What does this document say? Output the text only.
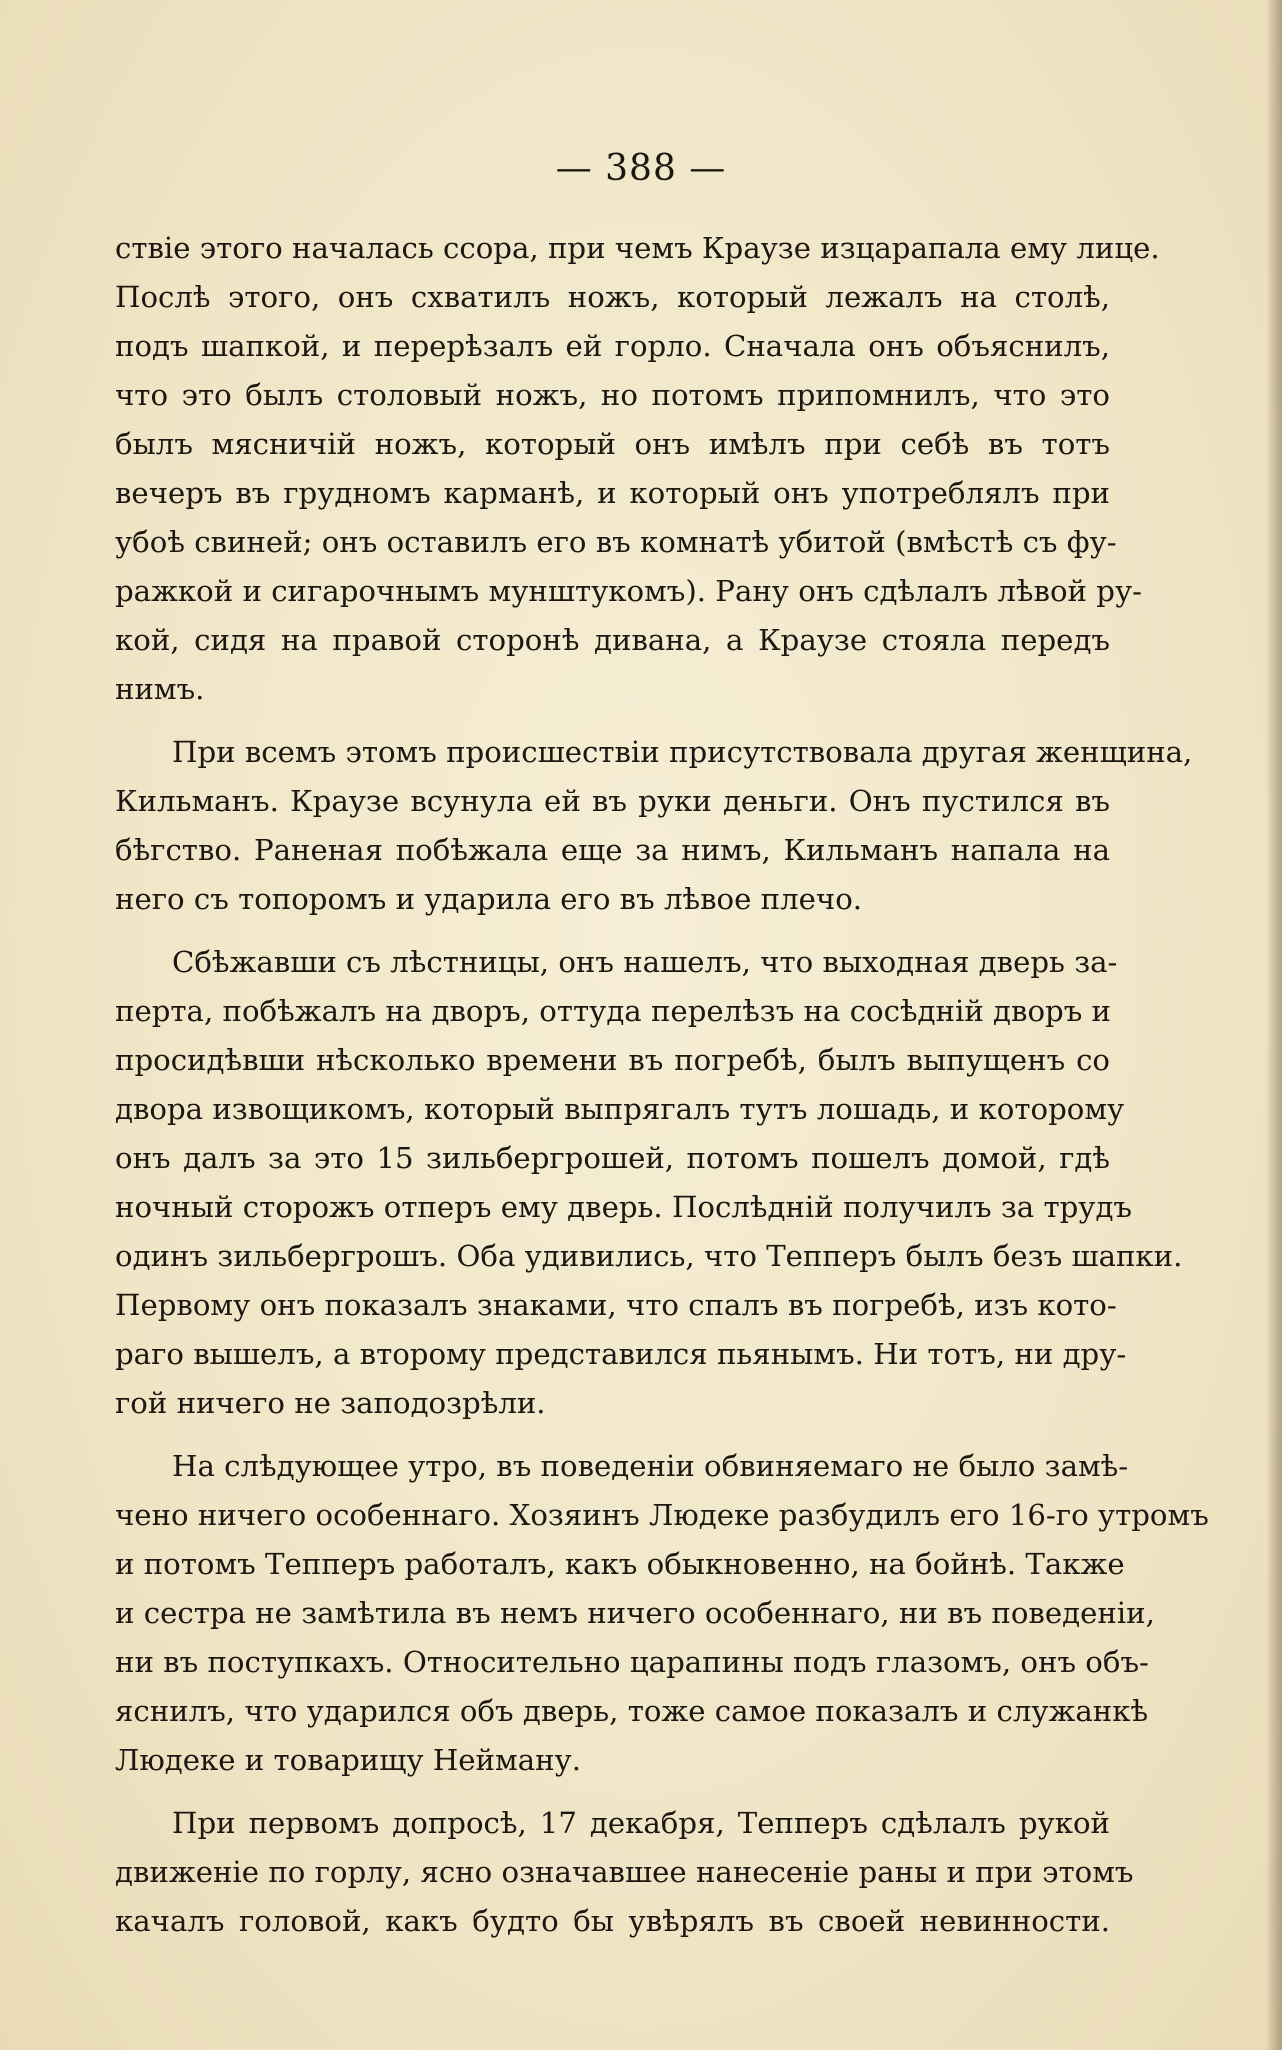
— 388 —
ствіе этого началась ссора, при чемъ Краузе изцарапала ему лице.
Послѣ этого, онъ схватилъ ножъ, который лежалъ на столѣ,
подъ шапкой, и перерѣзалъ ей горло. Сначала онъ объяснилъ,
что это былъ столовый ножъ, но потомъ припомнилъ, что это
былъ мясничій ножъ, который онъ имѣлъ при себѣ въ тотъ
вечеръ въ грудномъ карманѣ, и который онъ употреблялъ при
убоѣ свиней; онъ оставилъ его въ комнатѣ убитой (вмѣстѣ съ фу-
ражкой и сигарочнымъ мунштукомъ). Рану онъ сдѣлалъ лѣвой ру-
кой, сидя на правой сторонѣ дивана, а Краузе стояла передъ
нимъ.
При всемъ этомъ происшествіи присутствовала другая женщина,
Кильманъ. Краузе всунула ей въ руки деньги. Онъ пустился въ
бѣгство. Раненая побѣжала еще за нимъ, Кильманъ напала на
него съ топоромъ и ударила его въ лѣвое плечо.
Сбѣжавши съ лѣстницы, онъ нашелъ, что выходная дверь за-
перта, побѣжалъ на дворъ, оттуда перелѣзъ на сосѣдній дворъ и
просидѣвши нѣсколько времени въ погребѣ, былъ выпущенъ со
двора извощикомъ, который выпрягалъ тутъ лошадь, и которому
онъ далъ за это 15 зильбергрошей, потомъ пошелъ домой, гдѣ
ночный сторожъ отперъ ему дверь. Послѣдній получилъ за трудъ
одинъ зильбергрошъ. Оба удивились, что Тепперъ былъ безъ шапки.
Первому онъ показалъ знаками, что спалъ въ погребѣ, изъ кото-
раго вышелъ, а второму представился пьянымъ. Ни тотъ, ни дру-
гой ничего не заподозрѣли.
На слѣдующее утро, въ поведеніи обвиняемаго не было замѣ-
чено ничего особеннаго. Хозяинъ Людеке разбудилъ его 16-го утромъ
и потомъ Тепперъ работалъ, какъ обыкновенно, на бойнѣ. Также
и сестра не замѣтила въ немъ ничего особеннаго, ни въ поведеніи,
ни въ поступкахъ. Относительно царапины подъ глазомъ, онъ объ-
яснилъ, что ударился объ дверь, тоже самое показалъ и служанкѣ
Людеке и товарищу Нейману.
При первомъ допросѣ, 17 декабря, Тепперъ сдѣлалъ рукой
движеніе по горлу, ясно означавшее нанесеніе раны и при этомъ
качалъ головой, какъ будто бы увѣрялъ въ своей невинности.
